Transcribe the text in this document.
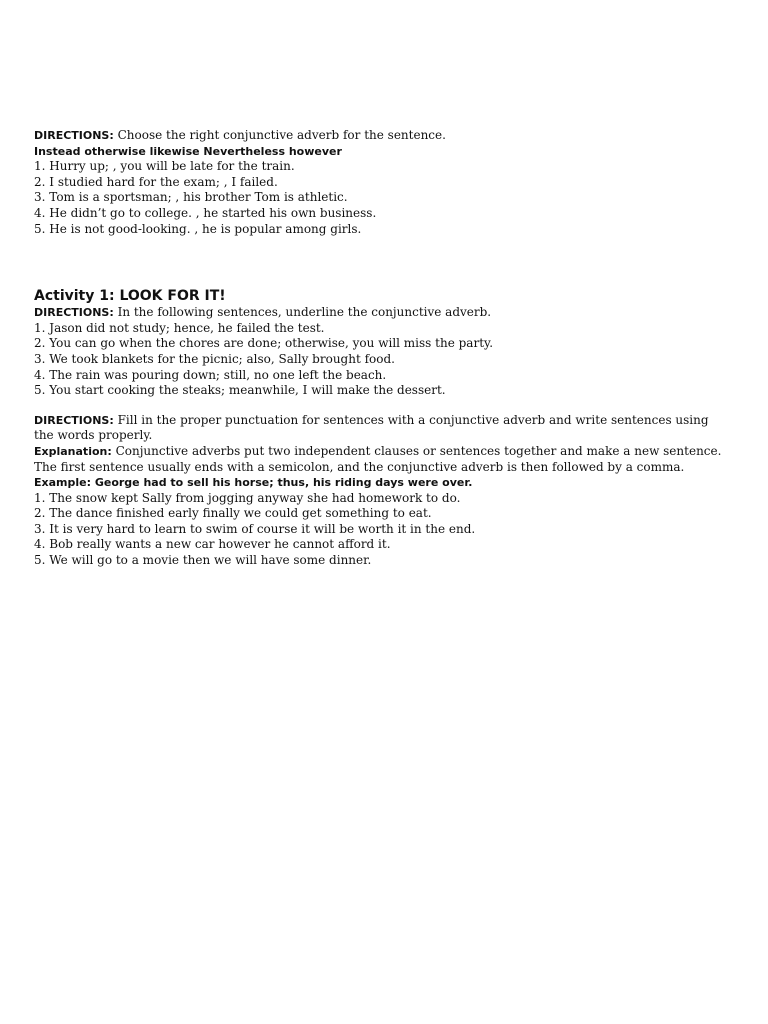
DIRECTIONS: Choose the right conjunctive adverb for the sentence.
Instead otherwise likewise Nevertheless however
1. Hurry up; , you will be late for the train.
2. I studied hard for the exam; , I failed.
3. Tom is a sportsman; , his brother Tom is athletic.
4. He didn’t go to college. , he started his own business.
5. He is not good-looking. , he is popular among girls.
Activity 1: LOOK FOR IT!
DIRECTIONS: In the following sentences, underline the conjunctive adverb.
1. Jason did not study; hence, he failed the test.
2. You can go when the chores are done; otherwise, you will miss the party.
3. We took blankets for the picnic; also, Sally brought food.
4. The rain was pouring down; still, no one left the beach.
5. You start cooking the steaks; meanwhile, I will make the dessert.
DIRECTIONS: Fill in the proper punctuation for sentences with a conjunctive adverb and write sentences using the words properly.
Explanation: Conjunctive adverbs put two independent clauses or sentences together and make a new sentence. The first sentence usually ends with a semicolon, and the conjunctive adverb is then followed by a comma.
Example: George had to sell his horse; thus, his riding days were over.
1. The snow kept Sally from jogging anyway she had homework to do.
2. The dance finished early finally we could get something to eat.
3. It is very hard to learn to swim of course it will be worth it in the end.
4. Bob really wants a new car however he cannot afford it.
5. We will go to a movie then we will have some dinner.
